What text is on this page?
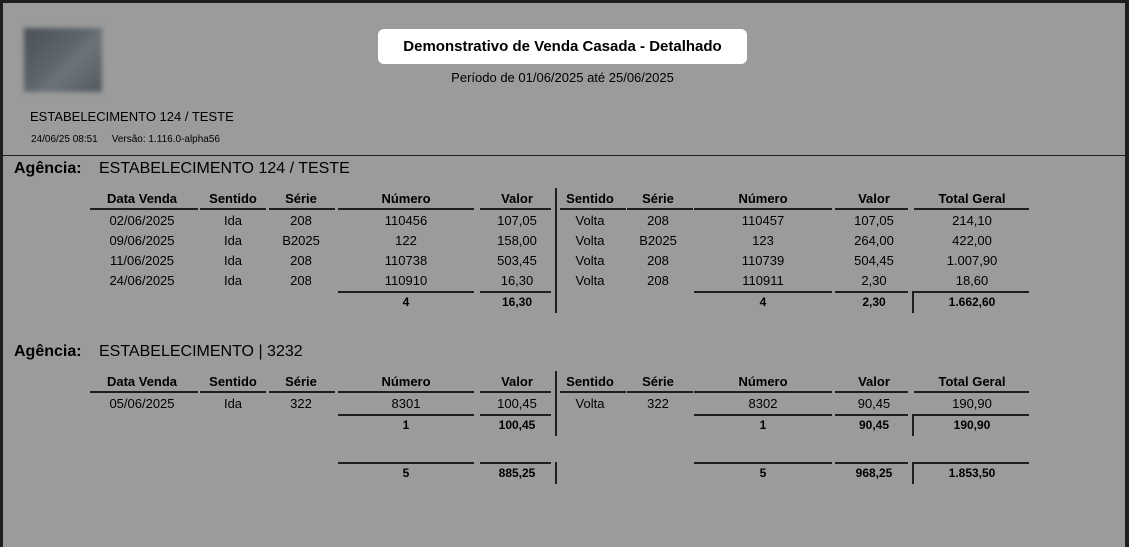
Demonstrativo de Venda Casada - Detalhado
Período de 01/06/2025 até 25/06/2025
ESTABELECIMENTO 124 / TESTE
24/06/25 08:51 Versão: 1.116.0-alpha56
Agência: ESTABELECIMENTO 124 / TESTE
Data Venda	Sentido	Série	Número	Valor	Sentido	Série	Número	Valor	Total Geral
02/06/2025	Ida	208	110456	107,05	Volta	208	110457	107,05	214,10
09/06/2025	Ida	B2025	122	158,00	Volta	B2025	123	264,00	422,00
11/06/2025	Ida	208	110738	503,45	Volta	208	110739	504,45	1.007,90
24/06/2025	Ida	208	110910	16,30	Volta	208	110911	2,30	18,60
4	16,30	4	2,30	1.662,60
Agência: ESTABELECIMENTO | 3232
Data Venda	Sentido	Série	Número	Valor	Sentido	Série	Número	Valor	Total Geral
05/06/2025	Ida	322	8301	100,45	Volta	322	8302	90,45	190,90
1	100,45	1	90,45	190,90
5	885,25	5	968,25	1.853,50
